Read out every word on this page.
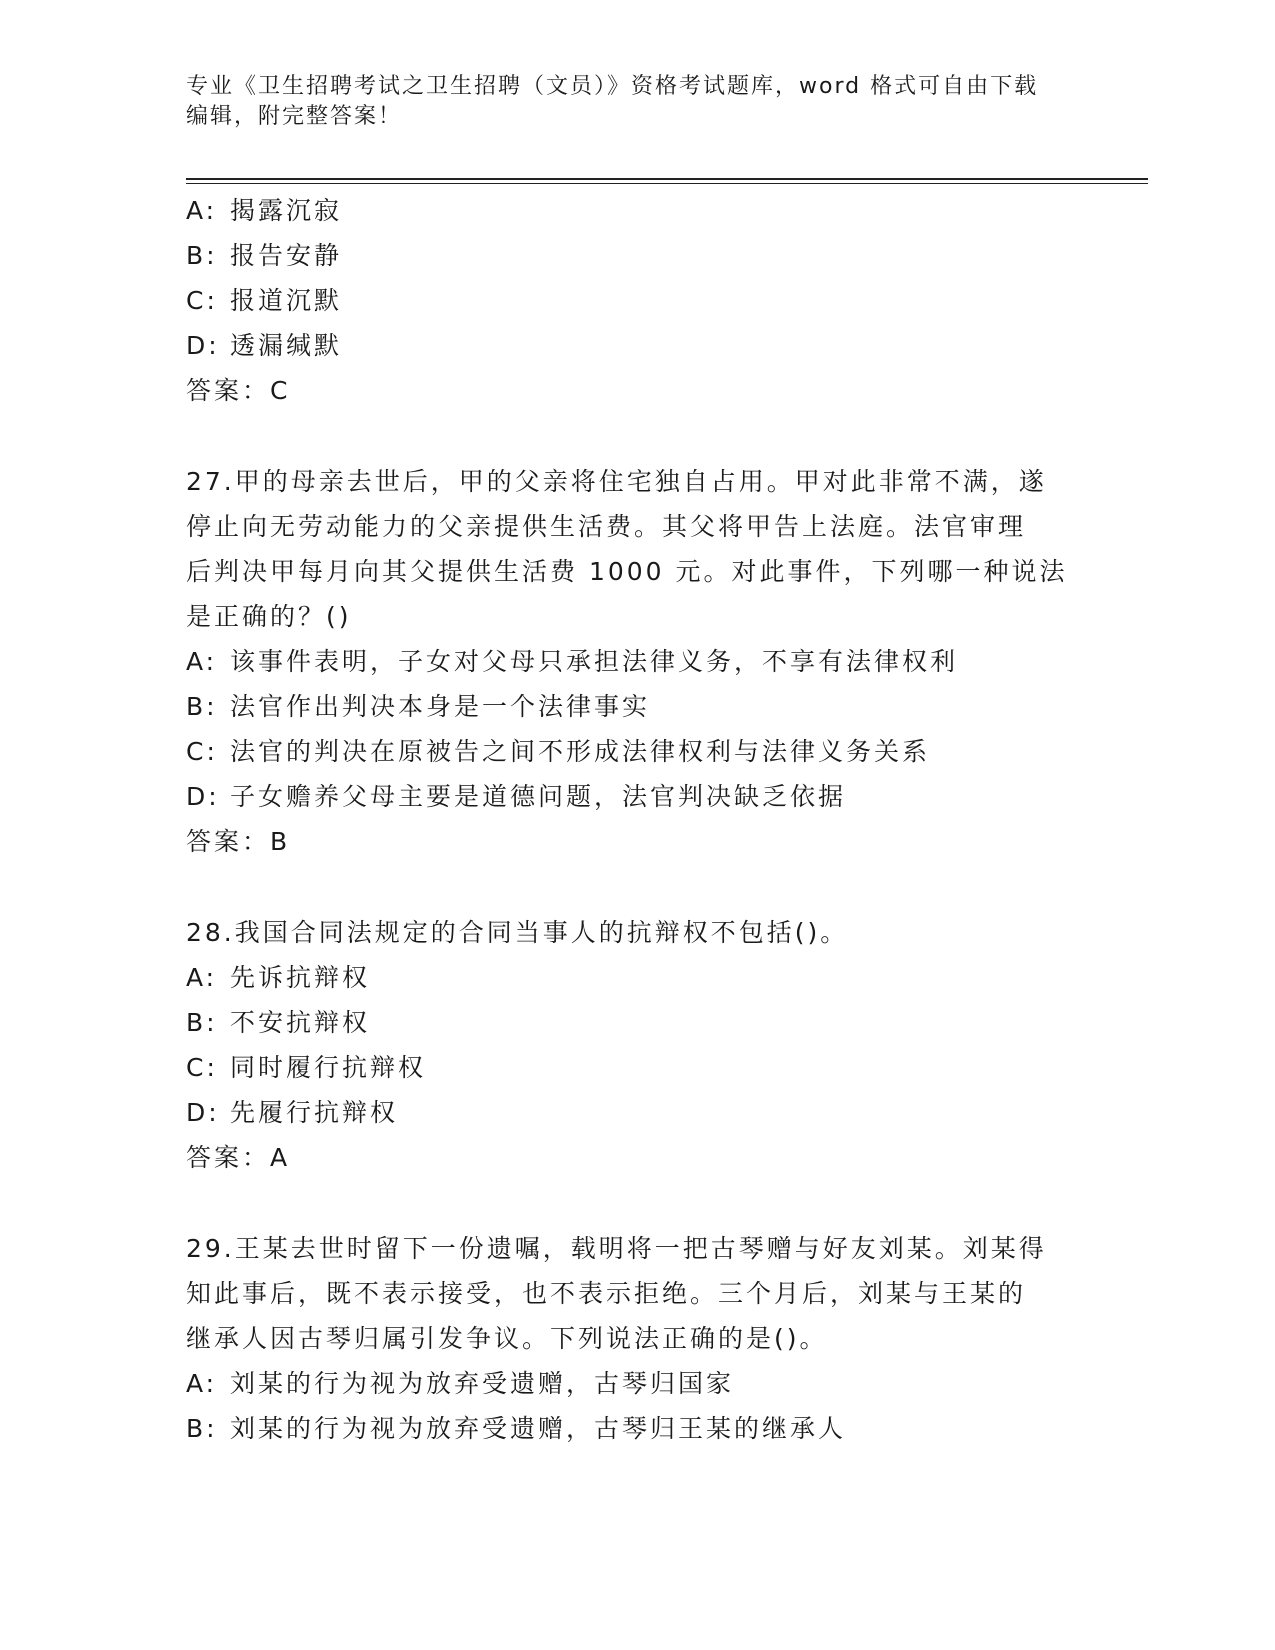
专业《卫生招聘考试之卫生招聘（文员）》资格考试题库，word 格式可自由下载
编辑，附完整答案！
A: 揭露沉寂
B: 报告安静
C: 报道沉默
D: 透漏缄默
答案：C
27.甲的母亲去世后，甲的父亲将住宅独自占用。甲对此非常不满，遂
停止向无劳动能力的父亲提供生活费。其父将甲告上法庭。法官审理
后判决甲每月向其父提供生活费 1000 元。对此事件，下列哪一种说法
是正确的？()
A: 该事件表明，子女对父母只承担法律义务，不享有法律权利
B: 法官作出判决本身是一个法律事实
C: 法官的判决在原被告之间不形成法律权利与法律义务关系
D: 子女赡养父母主要是道德问题，法官判决缺乏依据
答案：B
28.我国合同法规定的合同当事人的抗辩权不包括()。
A: 先诉抗辩权
B: 不安抗辩权
C: 同时履行抗辩权
D: 先履行抗辩权
答案：A
29.王某去世时留下一份遗嘱，载明将一把古琴赠与好友刘某。刘某得
知此事后，既不表示接受，也不表示拒绝。三个月后，刘某与王某的
继承人因古琴归属引发争议。下列说法正确的是()。
A: 刘某的行为视为放弃受遗赠，古琴归国家
B: 刘某的行为视为放弃受遗赠，古琴归王某的继承人
